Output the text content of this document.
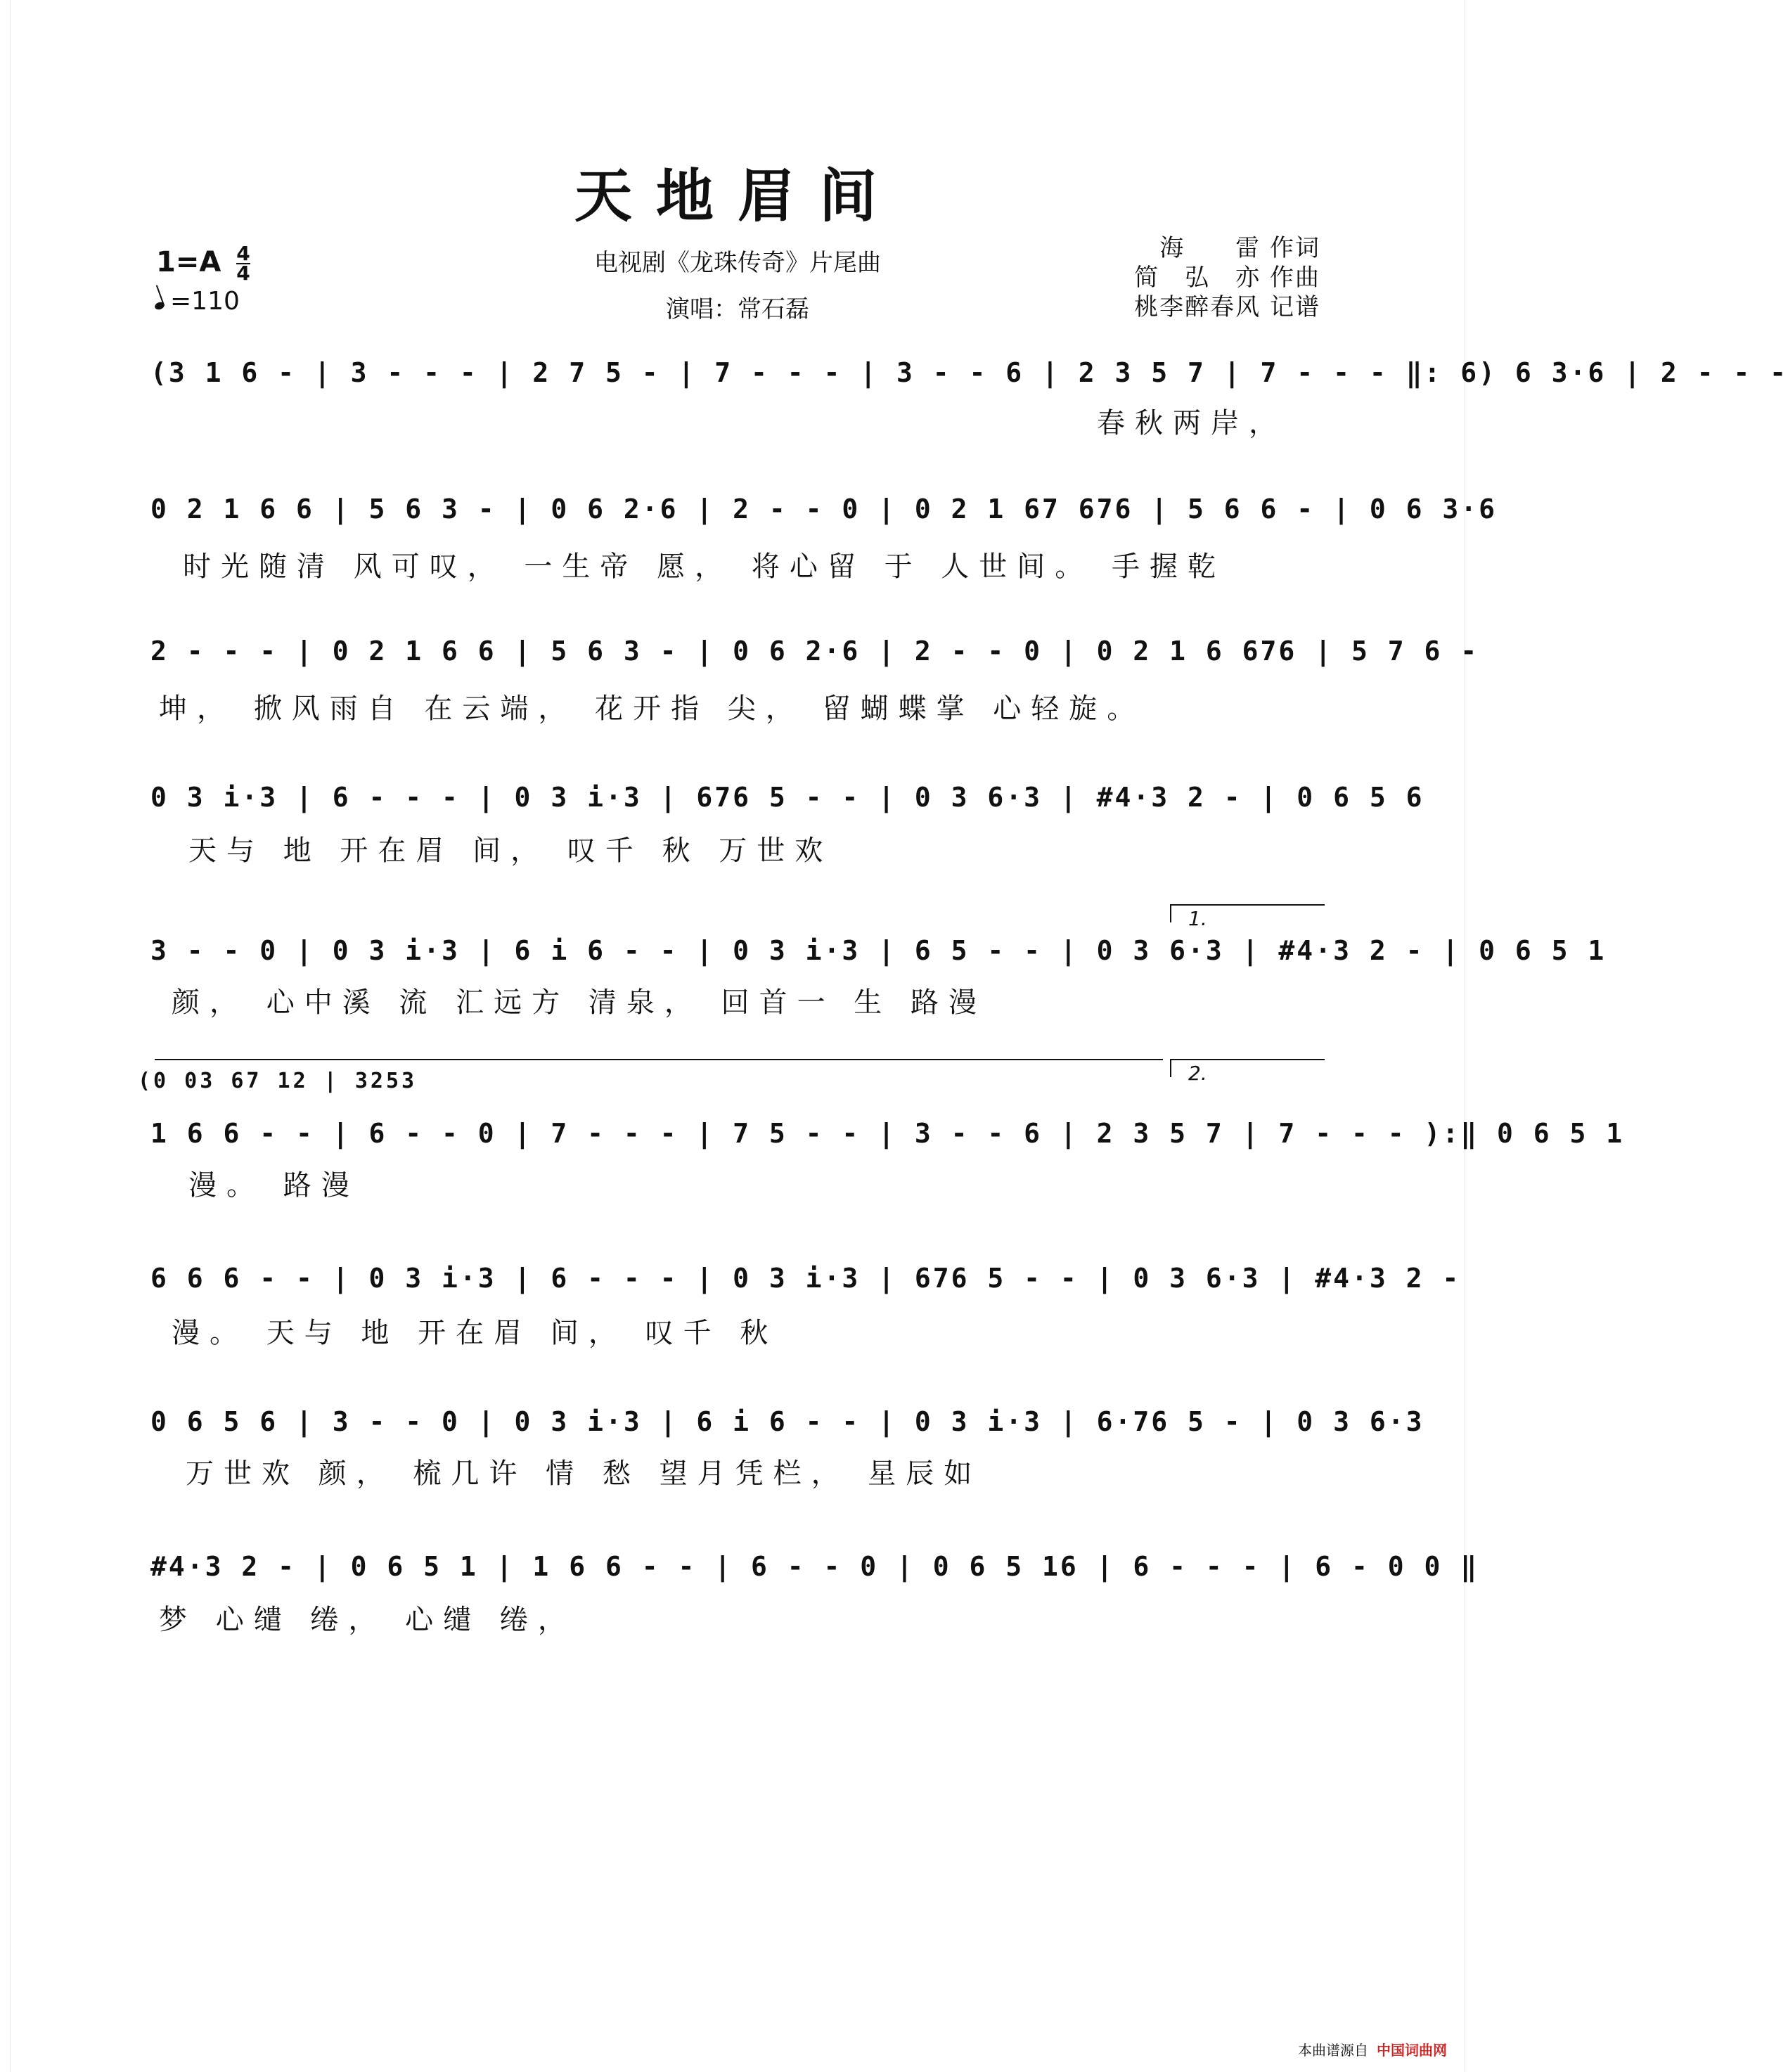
天地眉间
$1=A \frac{4}{4}$
=110
电视剧《龙珠传奇》片尾曲
演唱：常石磊
海　　雷 作词
简　弘　亦 作曲
桃李醉春风 记谱
(3 1 6 - | 3 - - - | 2 7 5 - | 7 - - - | 3 - - 6 | 2 3 5 7 | 7 - - - ‖: 6) 6 3·6 | 2 - - -
春秋两岸，
0 2 1 6 6 | 5 6 3 - | 0 6 2·6 | 2 - - 0 | 0 2 1 67 676 | 5 6 6 - | 0 6 3·6
时光随清 风可叹， 一生帝 愿， 将心留 于 人世间。 手握乾
2 - - - | 0 2 1 6 6 | 5 6 3 - | 0 6 2·6 | 2 - - 0 | 0 2 1 6 676 | 5 7 6 -
坤， 掀风雨自 在云端， 花开指 尖， 留蝴蝶掌 心轻旋。
0 3 i·3 | 6 - - - | 0 3 i·3 | 676 5 - - | 0 3 6·3 | #4·3 2 - | 0 6 5 6
天与 地 开在眉 间， 叹千 秋 万世欢
1.
3 - - 0 | 0 3 i·3 | 6 i 6 - - | 0 3 i·3 | 6 5 - - | 0 3 6·3 | #4·3 2 - | 0 6 5 1
颜， 心中溪 流 汇远方 清泉， 回首一 生 路漫
2.
(0 03 67 12 | 3253
1 6 6 - - | 6 - - 0 | 7 - - - | 7 5 - - | 3 - - 6 | 2 3 5 7 | 7 - - - ):‖ 0 6 5 1
漫。 路漫
6 6 6 - - | 0 3 i·3 | 6 - - - | 0 3 i·3 | 676 5 - - | 0 3 6·3 | #4·3 2 -
漫。 天与 地 开在眉 间， 叹千 秋
0 6 5 6 | 3 - - 0 | 0 3 i·3 | 6 i 6 - - | 0 3 i·3 | 6·76 5 - | 0 3 6·3
万世欢 颜， 梳几许 情 愁 望月凭栏， 星辰如
#4·3 2 - | 0 6 5 1 | 1 6 6 - - | 6 - - 0 | 0 6 5 16 | 6 - - - | 6 - 0 0 ‖
梦 心缱 绻， 心缱 绻，
本曲谱源自 中国词曲网
